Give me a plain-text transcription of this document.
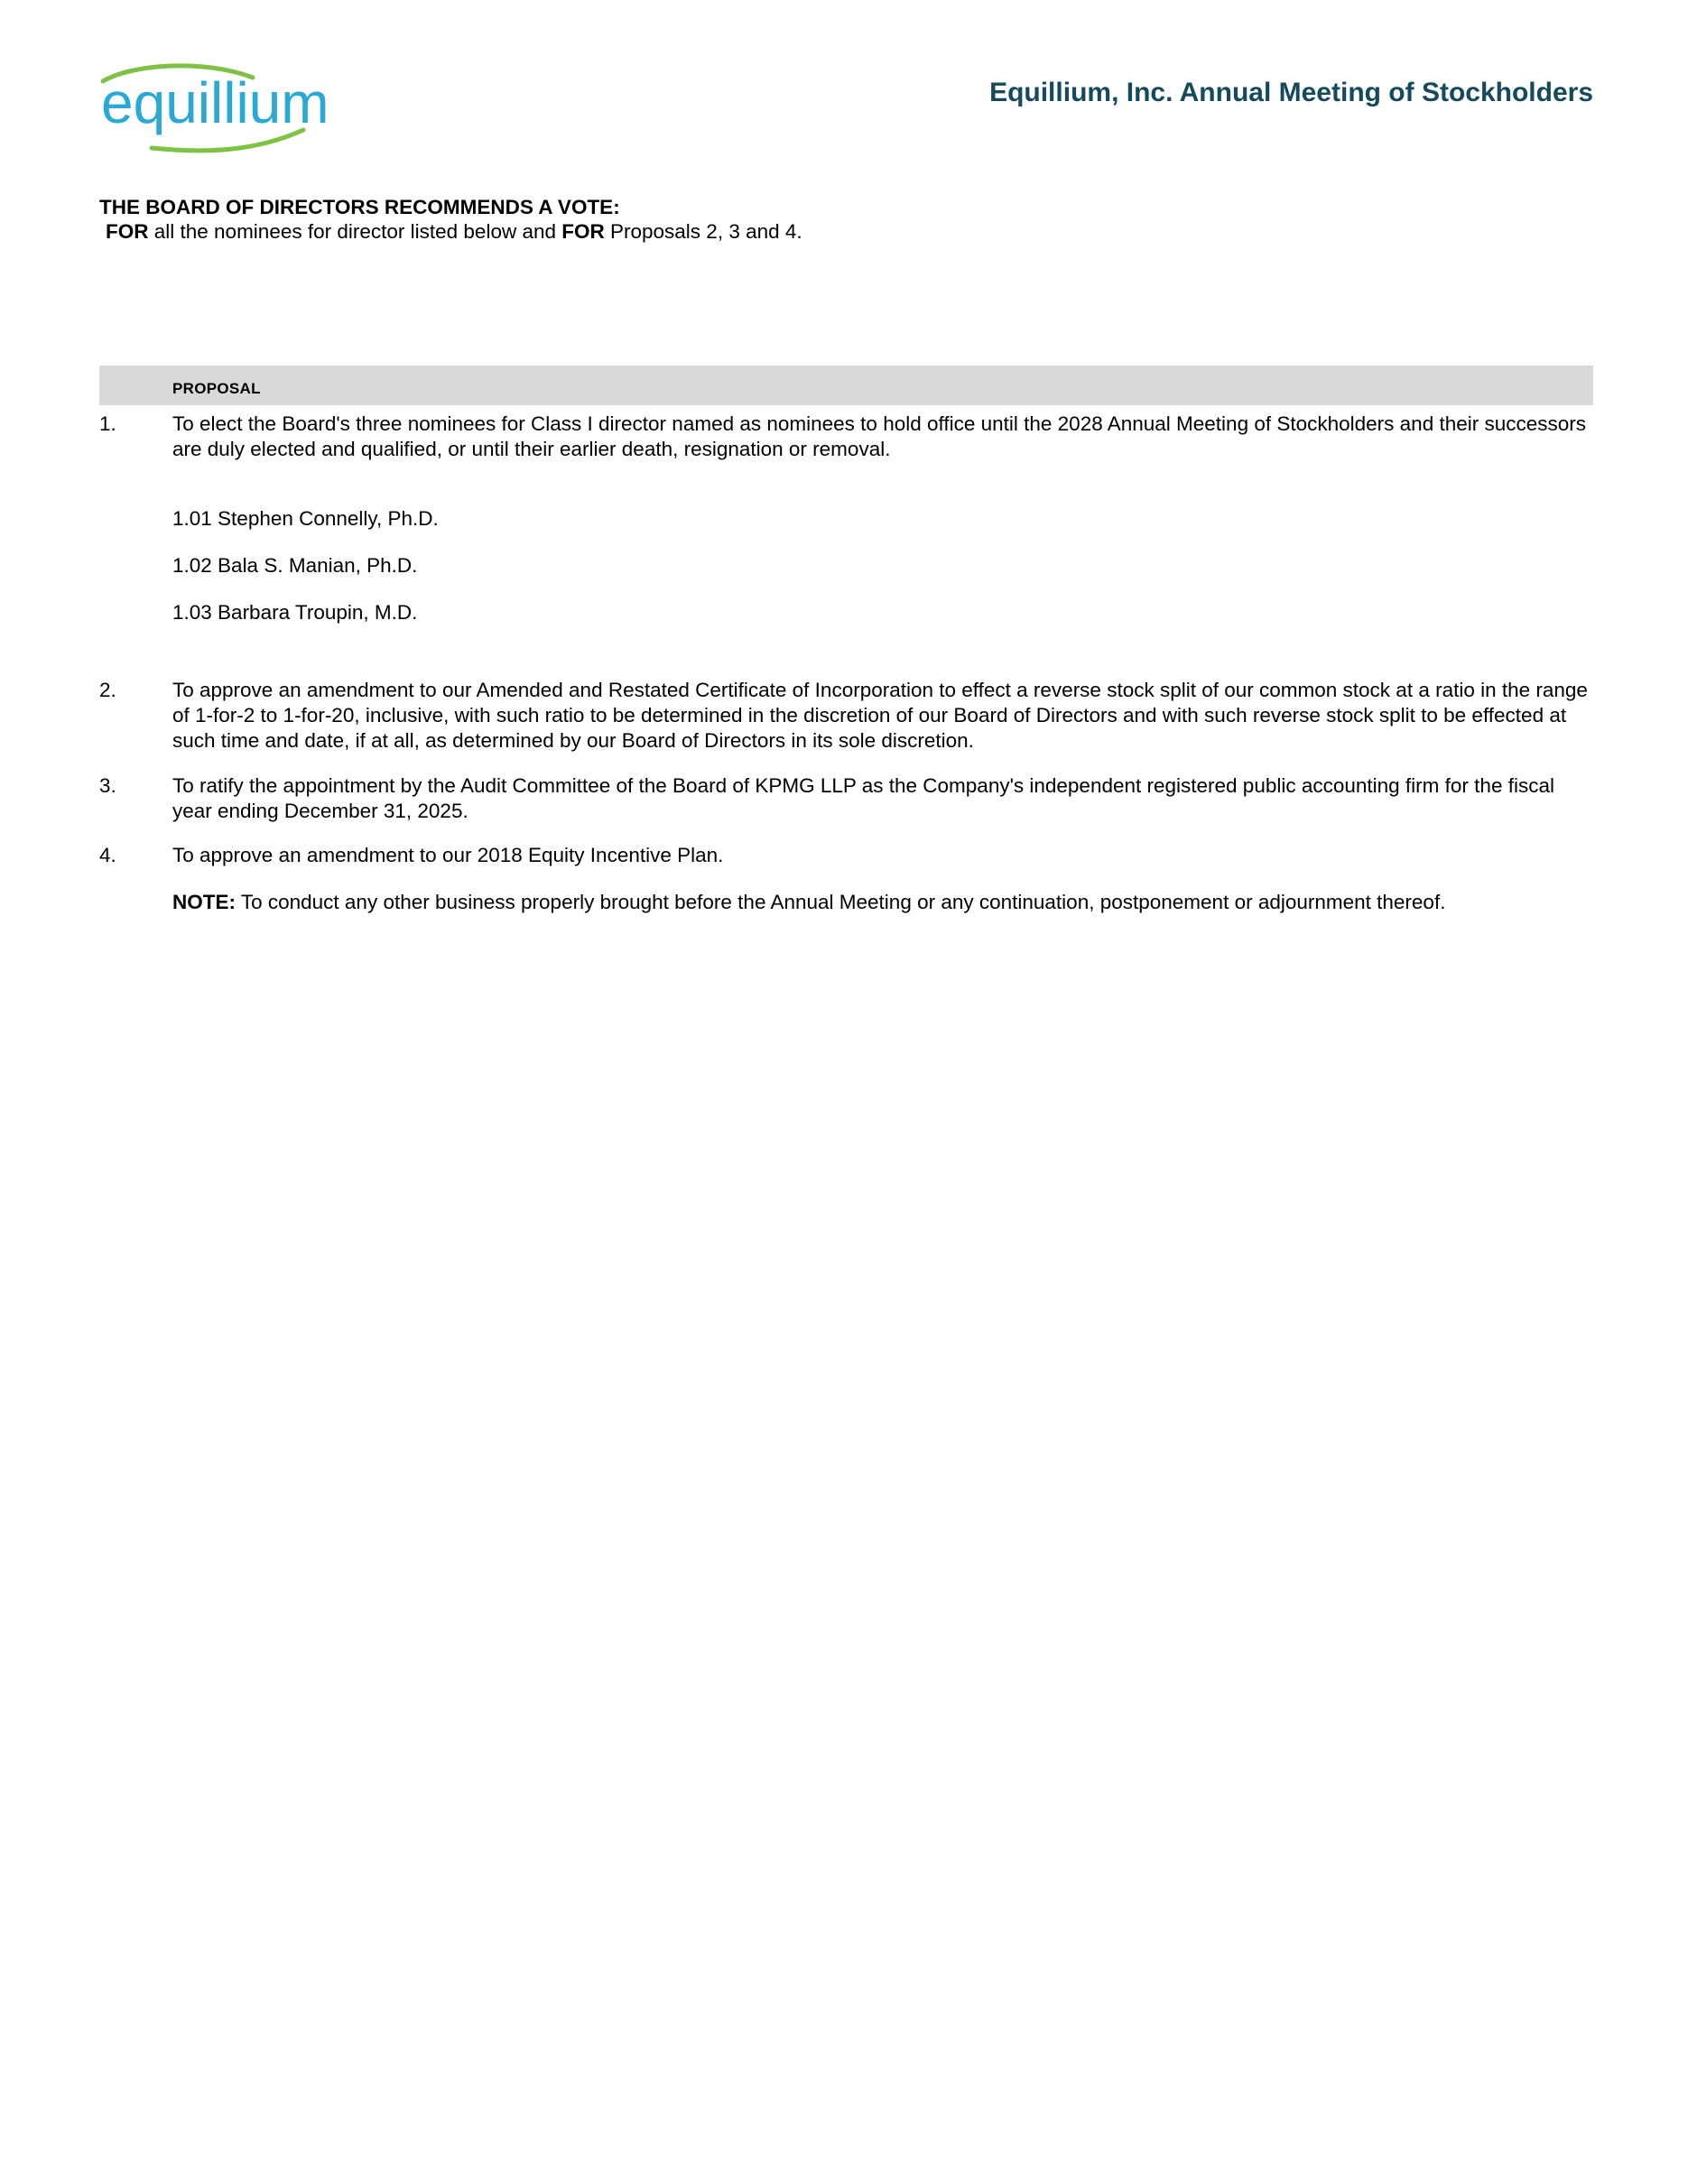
equillium	Equillium, Inc. Annual Meeting of Stockholders
THE BOARD OF DIRECTORS RECOMMENDS A VOTE:
FOR all the nominees for director listed below and FOR Proposals 2, 3 and 4.
PROPOSAL
1.	To elect the Board's three nominees for Class I director named as nominees to hold office until the 2028 Annual Meeting of Stockholders and their successors are duly elected and qualified, or until their earlier death, resignation or removal.
1.01 Stephen Connelly, Ph.D.
1.02 Bala S. Manian, Ph.D.
1.03 Barbara Troupin, M.D.
2.	To approve an amendment to our Amended and Restated Certificate of Incorporation to effect a reverse stock split of our common stock at a ratio in the range of 1-for-2 to 1-for-20, inclusive, with such ratio to be determined in the discretion of our Board of Directors and with such reverse stock split to be effected at such time and date, if at all, as determined by our Board of Directors in its sole discretion.
3.	To ratify the appointment by the Audit Committee of the Board of KPMG LLP as the Company's independent registered public accounting firm for the fiscal year ending December 31, 2025.
4.	To approve an amendment to our 2018 Equity Incentive Plan.
NOTE: To conduct any other business properly brought before the Annual Meeting or any continuation, postponement or adjournment thereof.
